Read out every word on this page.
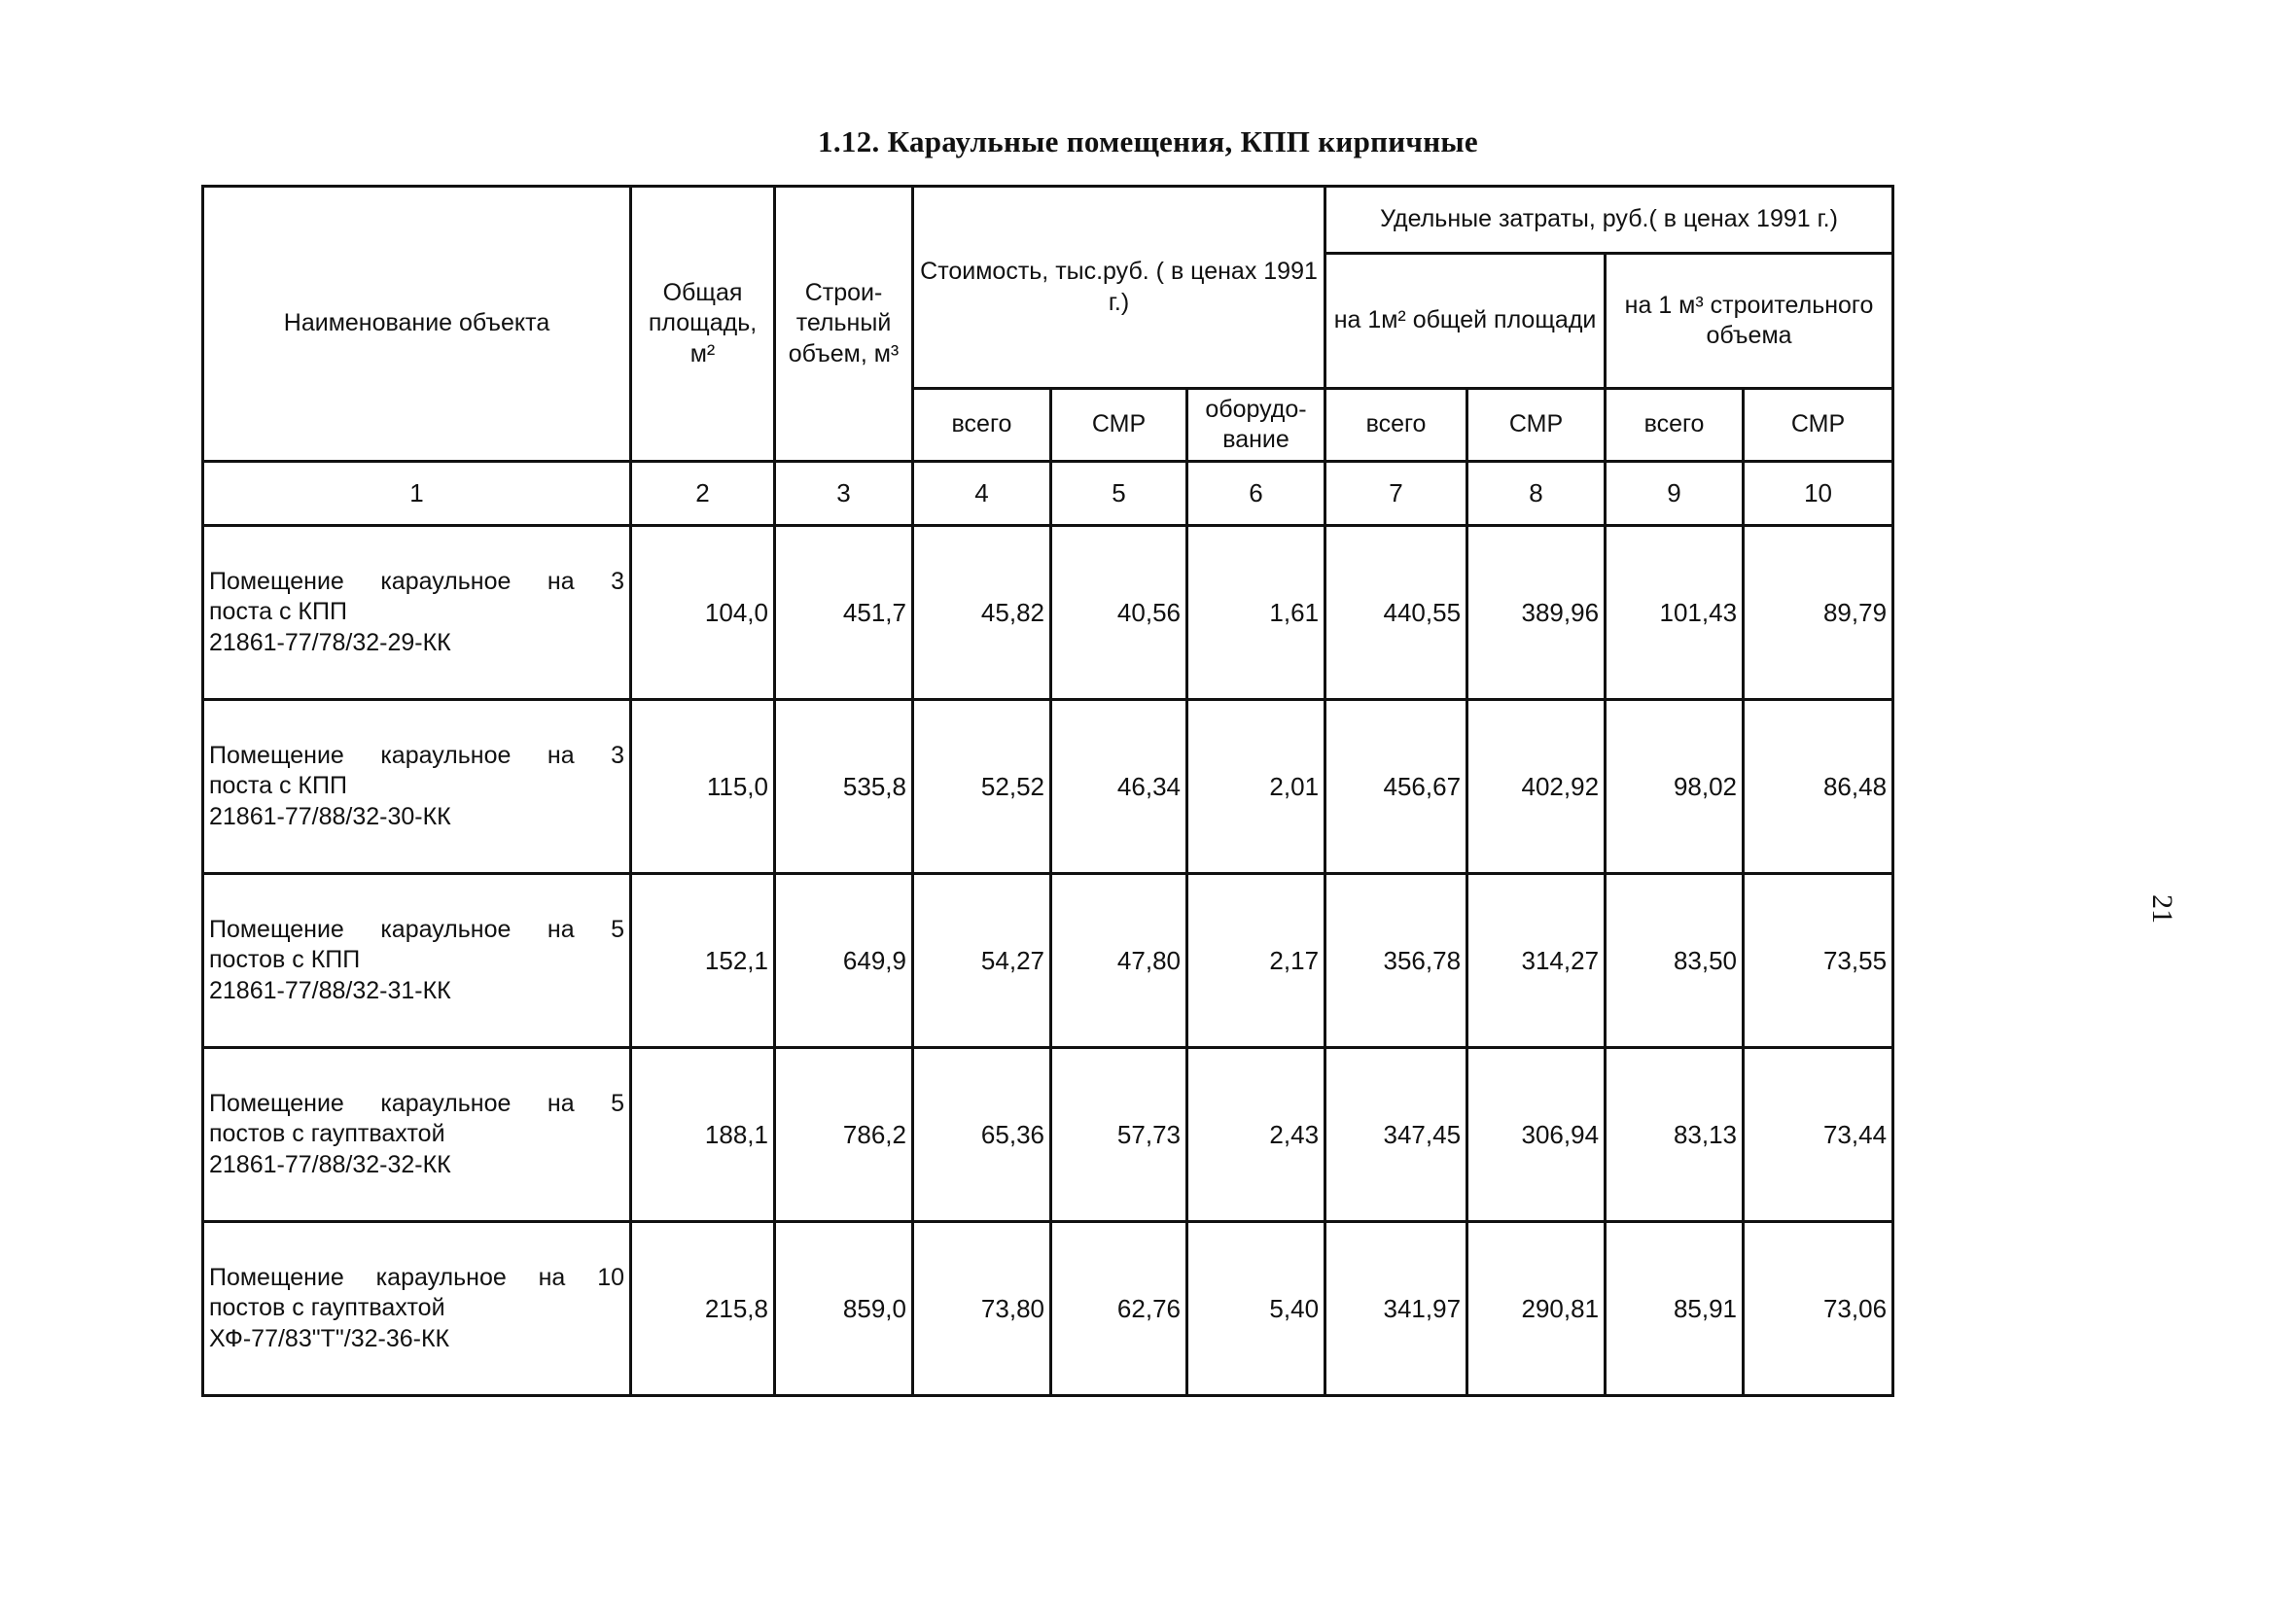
1.12. Караульные помещения, КПП кирпичные
21
Наименование объекта	Общая площадь, м²	Строи-тельный объем, м³	Стоимость, тыс.руб. ( в ценах 1991 г.)			Удельные затраты, руб.( в ценах 1991 г.)			
						на 1м² общей площади		на 1 м³ строительного объема	
			всего	СМР	оборудо-вание	всего	СМР	всего	СМР
1	2	3	4	5	6	7	8	9	10

Помещение караульное на 3
поста с КПП
21861-77/78/32-29-КК	104,0	451,7	45,82	40,56	1,61	440,55	389,96	101,43	89,79

Помещение караульное на 3
поста с КПП
21861-77/88/32-30-КК	115,0	535,8	52,52	46,34	2,01	456,67	402,92	98,02	86,48

Помещение караульное на 5
постов с КПП
21861-77/88/32-31-КК	152,1	649,9	54,27	47,80	2,17	356,78	314,27	83,50	73,55

Помещение караульное на 5
постов с гауптвахтой
21861-77/88/32-32-КК	188,1	786,2	65,36	57,73	2,43	347,45	306,94	83,13	73,44

Помещение караульное на 10
постов с гауптвахтой
ХФ-77/83"Т"/32-36-КК	215,8	859,0	73,80	62,76	5,40	341,97	290,81	85,91	73,06
